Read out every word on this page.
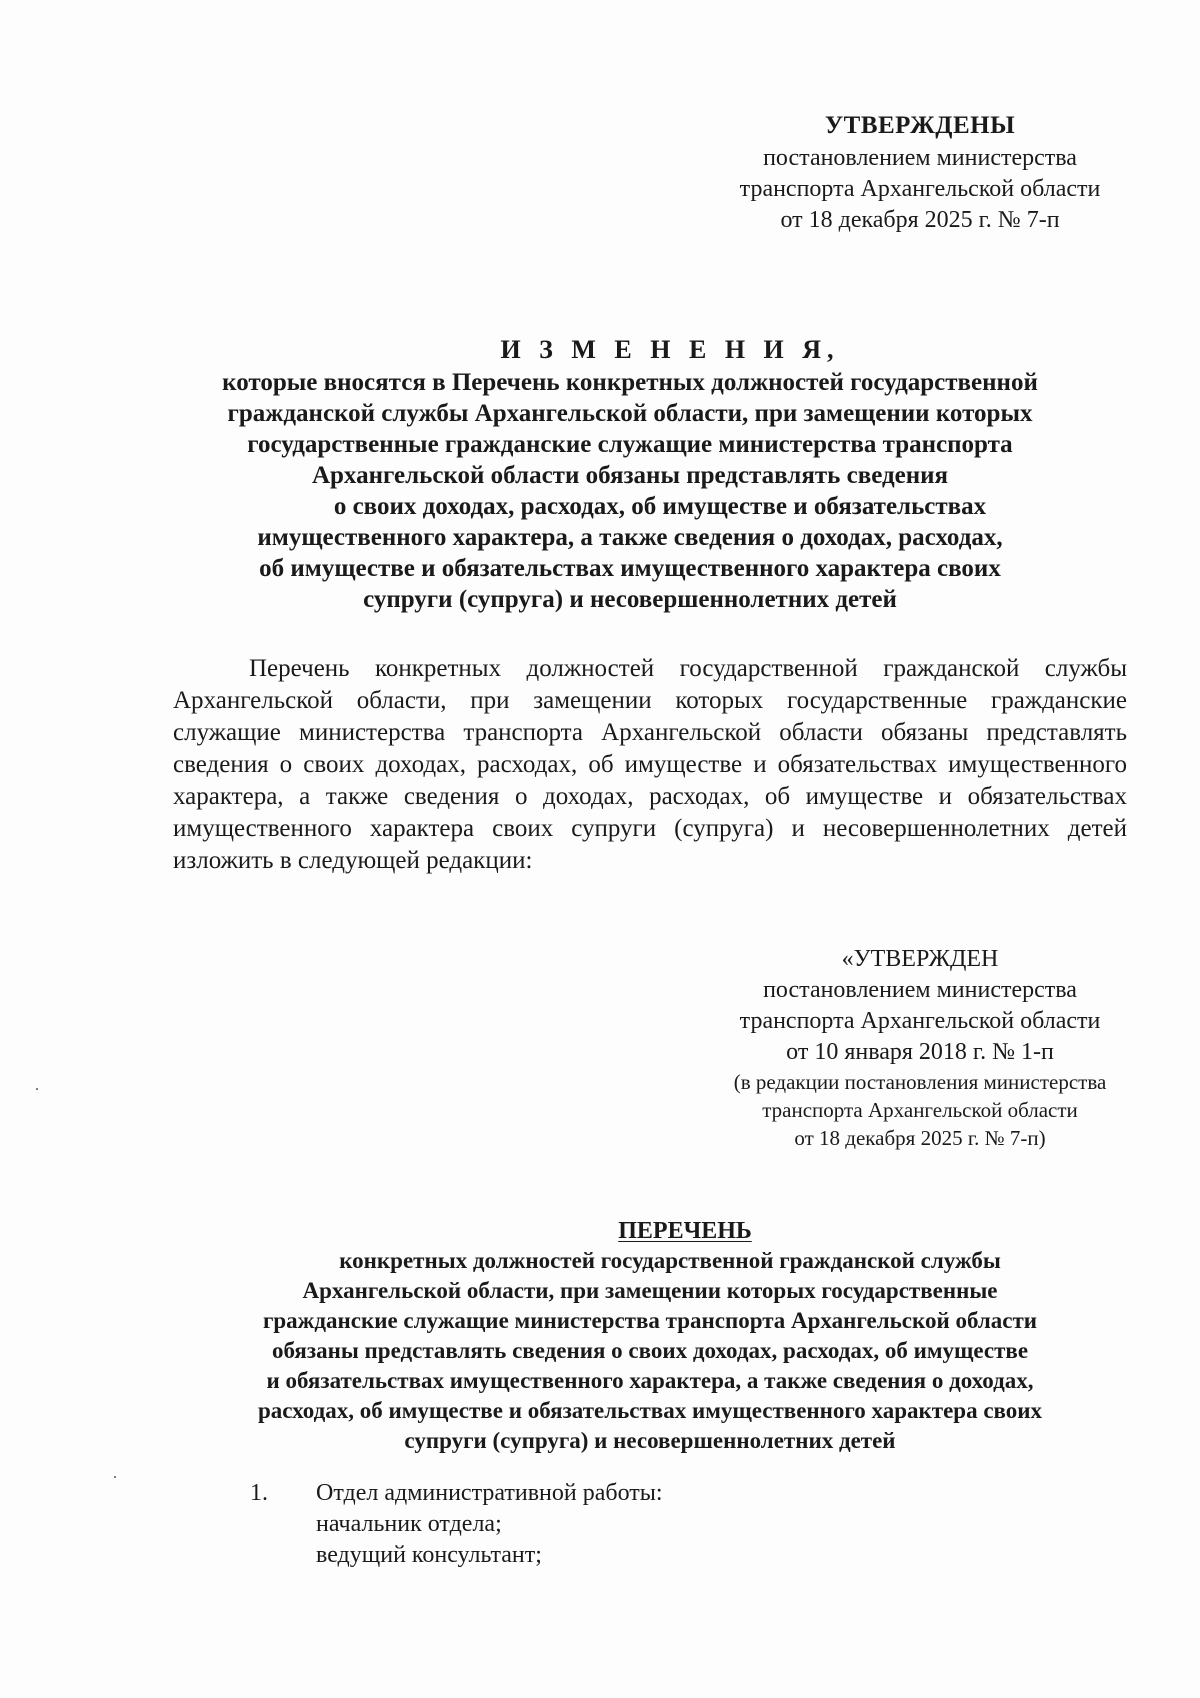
УТВЕРЖДЕНЫ
постановлением министерства
транспорта Архангельской области
от 18 декабря 2025 г. № 7-п
И З М Е Н Е Н И Я,
которые вносятся в Перечень конкретных должностей государственной
гражданской службы Архангельской области, при замещении которых
государственные гражданские служащие министерства транспорта
Архангельской области обязаны представлять сведения
о своих доходах, расходах, об имуществе и обязательствах
имущественного характера, а также сведения о доходах, расходах,
об имуществе и обязательствах имущественного характера своих
супруги (супруга) и несовершеннолетних детей
Перечень конкретных должностей государственной гражданской службы Архангельской области, при замещении которых государственные гражданские служащие министерства транспорта Архангельской области обязаны представлять сведения о своих доходах, расходах, об имуществе и обязательствах имущественного характера, а также сведения о доходах, расходах, об имуществе и обязательствах имущественного характера своих супруги (супруга) и несовершеннолетних детей изложить в следующей редакции:
«УТВЕРЖДЕН
постановлением министерства
транспорта Архангельской области
от 10 января 2018 г. № 1-п
(в редакции постановления министерства
транспорта Архангельской области
от 18 декабря 2025 г. № 7-п)
ПЕРЕЧЕНЬ
конкретных должностей государственной гражданской службы
Архангельской области, при замещении которых государственные
гражданские служащие министерства транспорта Архангельской области
обязаны представлять сведения о своих доходах, расходах, об имуществе
и обязательствах имущественного характера, а также сведения о доходах,
расходах, об имуществе и обязательствах имущественного характера своих
супруги (супруга) и несовершеннолетних детей
1.	Отдел административной работы:
начальник отдела;
ведущий консультант;
